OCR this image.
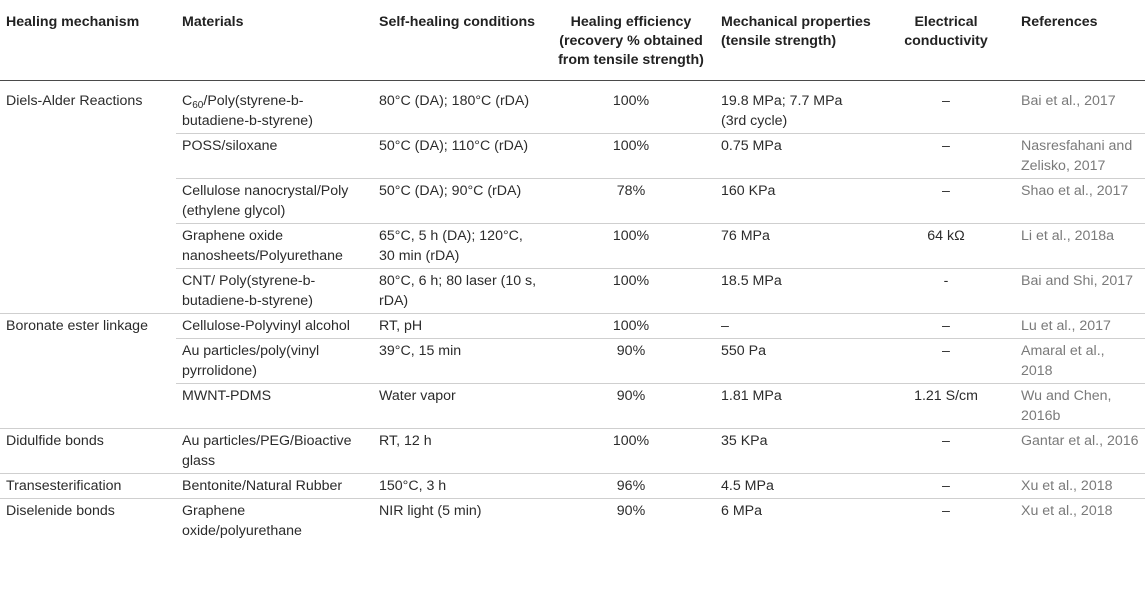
Healing mechanism	Materials	Self-healing conditions	Healing efficiency (recovery % obtained from tensile strength)	Mechanical properties (tensile strength)	Electrical conductivity	References
Diels-Alder Reactions	$C_{60}/Poly(styrene-b-butadiene-b-styrene)$	80°C (DA); 180°C (rDA)	100%	19.8 MPa; 7.7 MPa (3rd cycle)	–	Bai et al., 2017
	POSS/siloxane	50°C (DA); 110°C (rDA)	100%	0.75 MPa	–	Nasresfahani and Zelisko, 2017
	Cellulose nanocrystal/Poly (ethylene glycol)	50°C (DA); 90°C (rDA)	78%	160 KPa	–	Shao et al., 2017
	Graphene oxide nanosheets/Polyurethane	65°C, 5 h (DA); 120°C, 30 min (rDA)	100%	76 MPa	64 kΩ	Li et al., 2018a
	CNT/ Poly(styrene-b-butadiene-b-styrene)	80°C, 6 h; 80 laser (10 s, rDA)	100%	18.5 MPa	-	Bai and Shi, 2017
Boronate ester linkage	Cellulose-Polyvinyl alcohol	RT, pH	100%	–	–	Lu et al., 2017
	Au particles/poly(vinyl pyrrolidone)	39°C, 15 min	90%	550 Pa	–	Amaral et al., 2018
	MWNT-PDMS	Water vapor	90%	1.81 MPa	1.21 S/cm	Wu and Chen, 2016b
Didulfide bonds	Au particles/PEG/Bioactive glass	RT, 12 h	100%	35 KPa	–	Gantar et al., 2016
Transesterification	Bentonite/Natural Rubber	150°C, 3 h	96%	4.5 MPa	–	Xu et al., 2018
Diselenide bonds	Graphene oxide/polyurethane	NIR light (5 min)	90%	6 MPa	–	Xu et al., 2018
